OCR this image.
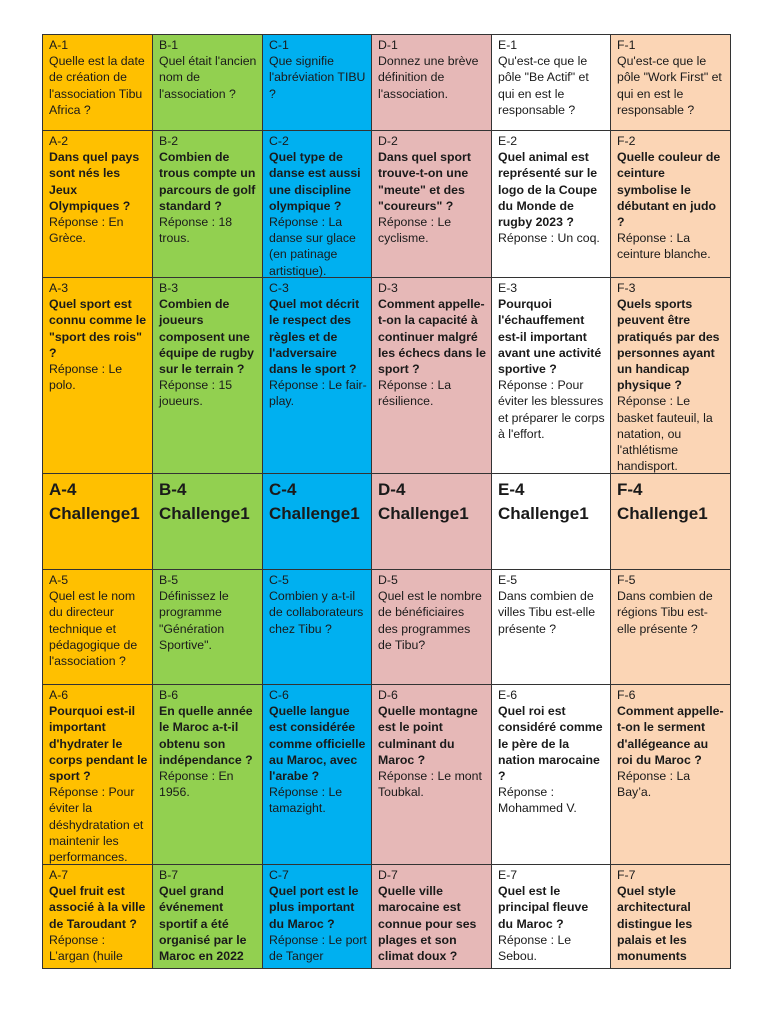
A-1
Quelle est la date de création de l'association Tibu Africa ?
B-1
Quel était l'ancien nom de l'association ?
C-1
Que signifie l'abréviation TIBU ?
D-1
Donnez une brève définition de l'association.
E-1
Qu'est-ce que le pôle "Be Actif" et qui en est le responsable ?
F-1
Qu'est-ce que le pôle "Work First" et qui en est le responsable ?
A-2
Dans quel pays sont nés les Jeux Olympiques ?
Réponse : En Grèce.
B-2
Combien de trous compte un parcours de golf standard ?
Réponse : 18 trous.
C-2
Quel type de danse est aussi une discipline olympique ?
Réponse : La danse sur glace (en patinage artistique).
D-2
Dans quel sport trouve-t-on une "meute" et des "coureurs" ?
Réponse : Le cyclisme.
E-2
Quel animal est représenté sur le logo de la Coupe du Monde de rugby 2023 ?
Réponse : Un coq.
F-2
Quelle couleur de ceinture symbolise le débutant en judo ?
Réponse : La ceinture blanche.
A-3
Quel sport est connu comme le "sport des rois" ?
Réponse : Le polo.
B-3
Combien de joueurs composent une équipe de rugby sur le terrain ?
Réponse : 15 joueurs.
C-3
Quel mot décrit le respect des règles et de l'adversaire dans le sport ?
Réponse : Le fair-play.
D-3
Comment appelle-t-on la capacité à continuer malgré les échecs dans le sport ?
Réponse : La résilience.
E-3
Pourquoi l'échauffement est-il important avant une activité sportive ?
Réponse : Pour éviter les blessures et préparer le corps à l'effort.
F-3
Quels sports peuvent être pratiqués par des personnes ayant un handicap physique ?
Réponse : Le basket fauteuil, la natation, ou l'athlétisme handisport.
A-4
Challenge1
B-4
Challenge1
C-4
Challenge1
D-4
Challenge1
E-4
Challenge1
F-4
Challenge1
A-5
Quel est le nom du directeur technique et pédagogique de l'association ?
B-5
Définissez le programme "Génération Sportive".
C-5
Combien y a-t-il de collaborateurs chez Tibu ?
D-5
Quel est le nombre de bénéficiaires des programmes de Tibu?
E-5
Dans combien de villes Tibu est-elle présente ?
F-5
Dans combien de régions Tibu est-elle présente ?
A-6
Pourquoi est-il important d'hydrater le corps pendant le sport ?
Réponse : Pour éviter la déshydratation et maintenir les performances.
B-6
En quelle année le Maroc a-t-il obtenu son indépendance ?
Réponse : En 1956.
C-6
Quelle langue est considérée comme officielle au Maroc, avec l'arabe ?
Réponse : Le tamazight.
D-6
Quelle montagne est le point culminant du Maroc ?
Réponse : Le mont Toubkal.
E-6
Quel roi est considéré comme le père de la nation marocaine ?
Réponse : Mohammed V.
F-6
Comment appelle-t-on le serment d'allégeance au roi du Maroc ?
Réponse : La Bay’a.
A-7
Quel fruit est associé à la ville de Taroudant ?
Réponse : L’argan (huile
B-7
Quel grand événement sportif a été organisé par le Maroc en 2022
C-7
Quel port est le plus important du Maroc ?
Réponse : Le port de Tanger
D-7
Quelle ville marocaine est connue pour ses plages et son climat doux ?
E-7
Quel est le principal fleuve du Maroc ?
Réponse : Le Sebou.
F-7
Quel style architectural distingue les palais et les monuments
